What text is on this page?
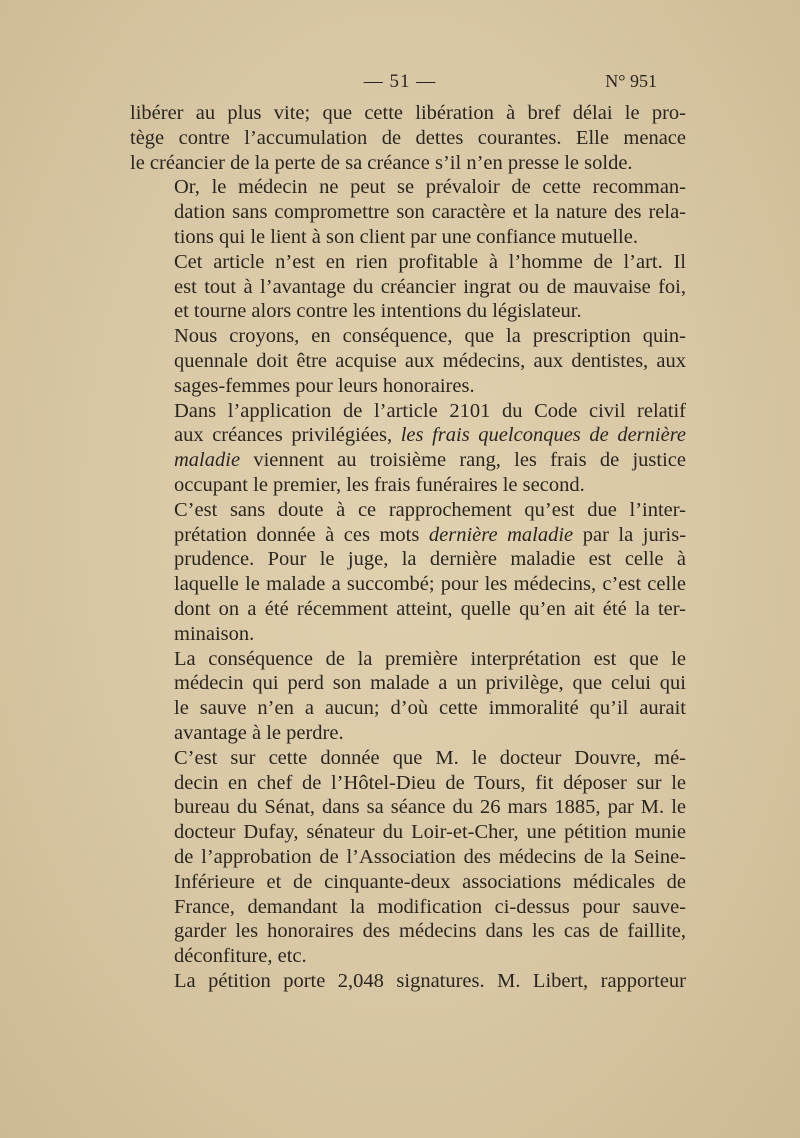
— 51 —	N° 951

libérer au plus vite; que cette libération à bref délai le pro-
tège contre l’accumulation de dettes courantes. Elle menace
le créancier de la perte de sa créance s’il n’en presse le solde.

Or, le médecin ne peut se prévaloir de cette recomman-
dation sans compromettre son caractère et la nature des rela-
tions qui le lient à son client par une confiance mutuelle.

Cet article n’est en rien profitable à l’homme de l’art. Il
est tout à l’avantage du créancier ingrat ou de mauvaise foi,
et tourne alors contre les intentions du législateur.

Nous croyons, en conséquence, que la prescription quin-
quennale doit être acquise aux médecins, aux dentistes, aux
sages-femmes pour leurs honoraires.

Dans l’application de l’article 2101 du Code civil relatif
aux créances privilégiées, les frais quelconques de dernière
maladie viennent au troisième rang, les frais de justice
occupant le premier, les frais funéraires le second.

C’est sans doute à ce rapprochement qu’est due l’inter-
prétation donnée à ces mots dernière maladie par la juris-
prudence. Pour le juge, la dernière maladie est celle à
laquelle le malade a succombé; pour les médecins, c’est celle
dont on a été récemment atteint, quelle qu’en ait été la ter-
minaison.

La conséquence de la première interprétation est que le
médecin qui perd son malade a un privilège, que celui qui
le sauve n’en a aucun; d’où cette immoralité qu’il aurait
avantage à le perdre.

C’est sur cette donnée que M. le docteur Douvre, mé-
decin en chef de l’Hôtel-Dieu de Tours, fit déposer sur le
bureau du Sénat, dans sa séance du 26 mars 1885, par M. le
docteur Dufay, sénateur du Loir-et-Cher, une pétition munie
de l’approbation de l’Association des médecins de la Seine-
Inférieure et de cinquante-deux associations médicales de
France, demandant la modification ci-dessus pour sauve-
garder les honoraires des médecins dans les cas de faillite,
déconfiture, etc.

La pétition porte 2,048 signatures. M. Libert, rapporteur
